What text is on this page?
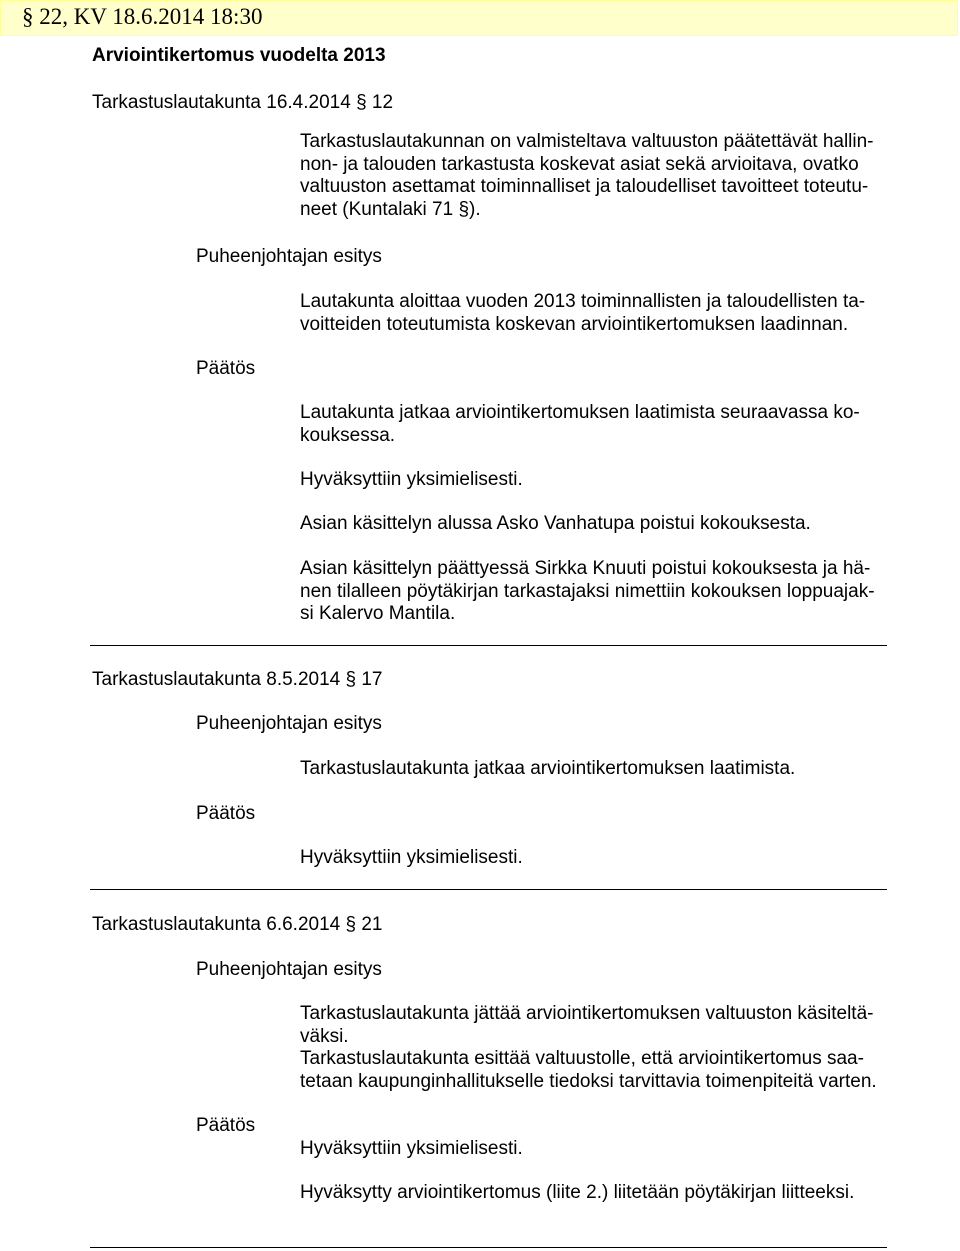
§ 22, KV 18.6.2014 18:30
Arviointikertomus vuodelta 2013
Tarkastuslautakunta 16.4.2014 § 12

Tarkastuslautakunnan on valmisteltava valtuuston päätettävät hallin-

non- ja talouden tarkastusta koskevat asiat sekä arvioitava, ovatko

valtuuston asettamat toiminnalliset ja taloudelliset tavoitteet toteutu-

neet (Kuntalaki 71 §).

Puheenjohtajan esitys

Lautakunta aloittaa vuoden 2013 toiminnallisten ja taloudellisten ta-

voitteiden toteutumista koskevan arviointikertomuksen laadinnan.

Päätös

Lautakunta jatkaa arviointikertomuksen laatimista seuraavassa ko-

kouksessa.

Hyväksyttiin yksimielisesti.

Asian käsittelyn alussa Asko Vanhatupa poistui kokouksesta.

Asian käsittelyn päättyessä Sirkka Knuuti poistui kokouksesta ja hä-

nen tilalleen pöytäkirjan tarkastajaksi nimettiin kokouksen loppuajak-

si Kalervo Mantila.

Tarkastuslautakunta 8.5.2014 § 17
Puheenjohtajan esitys

Tarkastuslautakunta jatkaa arviointikertomuksen laatimista.

Päätös

Hyväksyttiin yksimielisesti.

Tarkastuslautakunta 6.6.2014 § 21
Puheenjohtajan esitys

Tarkastuslautakunta jättää arviointikertomuksen valtuuston käsiteltä-

väksi.

Tarkastuslautakunta esittää valtuustolle, että arviointikertomus saa-

tetaan kaupunginhallitukselle tiedoksi tarvittavia toimenpiteitä varten.

Päätös

Hyväksyttiin yksimielisesti.

Hyväksytty arviointikertomus (liite 2.) liitetään pöytäkirjan liitteeksi.
